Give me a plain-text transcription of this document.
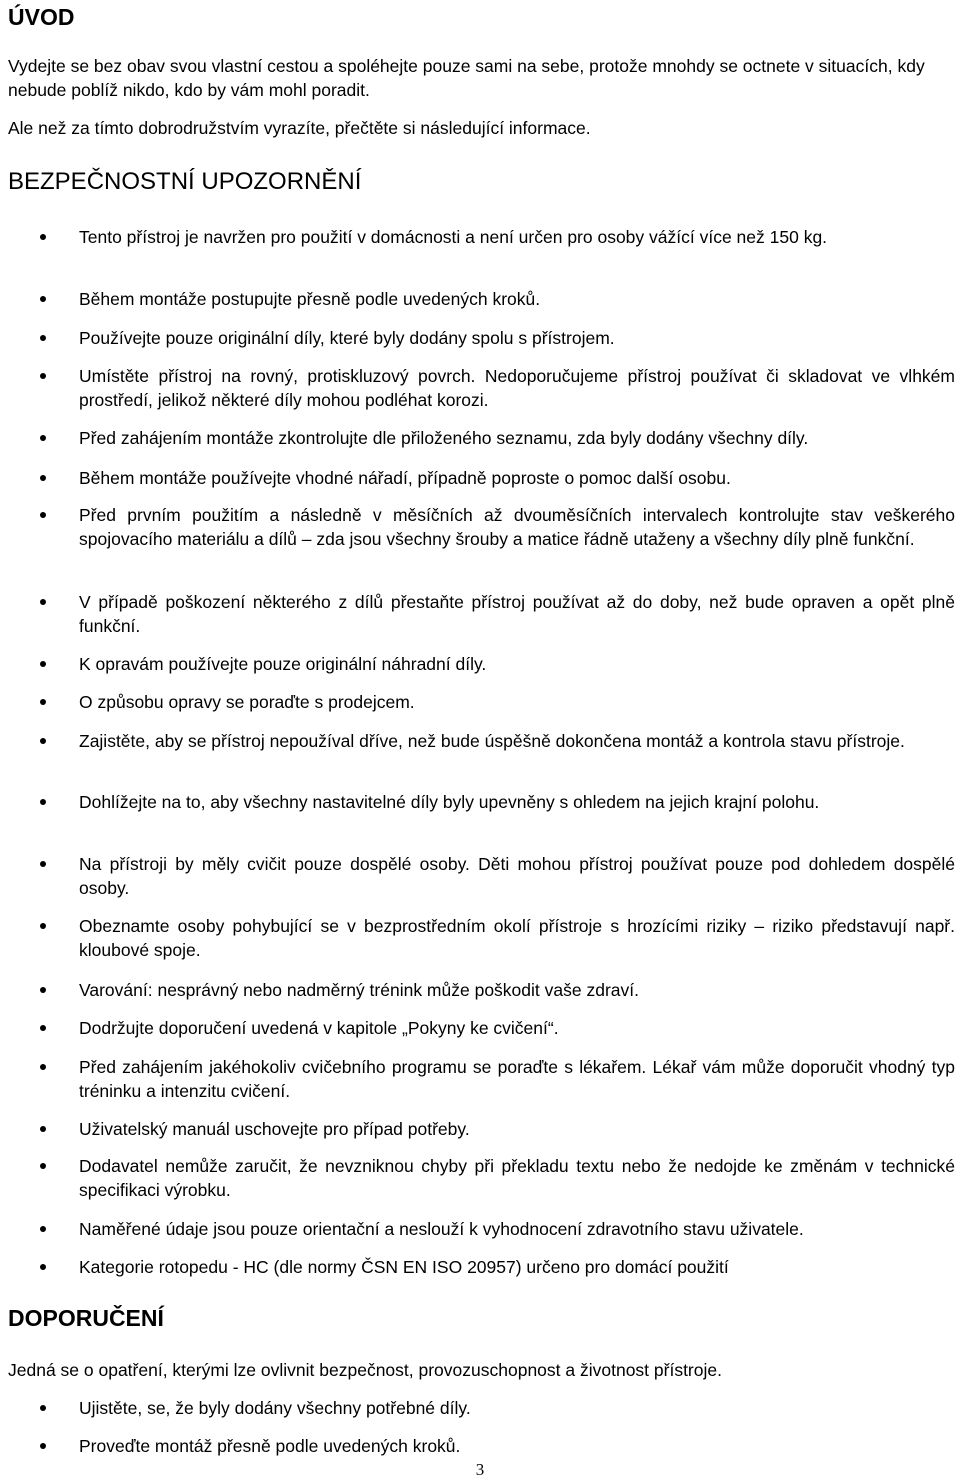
ÚVOD

Vydejte se bez obav svou vlastní cestou a spoléhejte pouze sami na sebe, protože mnohdy se octnete v situacích, kdy nebude poblíž nikdo, kdo by vám mohl poradit.

Ale než za tímto dobrodružstvím vyrazíte, přečtěte si následující informace.

BEZPEČNOSTNÍ UPOZORNĚNÍ
Tento přístroj je navržen pro použití v domácnosti a není určen pro osoby vážící více než 150 kg.
Během montáže postupujte přesně podle uvedených kroků.
Používejte pouze originální díly, které byly dodány spolu s přístrojem.
Umístěte přístroj na rovný, protiskluzový povrch. Nedoporučujeme přístroj používat či skladovat ve vlhkém prostředí, jelikož některé díly mohou podléhat korozi.
Před zahájením montáže zkontrolujte dle přiloženého seznamu, zda byly dodány všechny díly.
Během montáže používejte vhodné nářadí, případně poproste o pomoc další osobu.
Před prvním použitím a následně v měsíčních až dvouměsíčních intervalech kontrolujte stav veškerého spojovacího materiálu a dílů – zda jsou všechny šrouby a matice řádně utaženy a všechny díly plně funkční.
V případě poškození některého z dílů přestaňte přístroj používat až do doby, než bude opraven a opět plně funkční.
K opravám používejte pouze originální náhradní díly.
O způsobu opravy se poraďte s prodejcem.
Zajistěte, aby se přístroj nepoužíval dříve, než bude úspěšně dokončena montáž a kontrola stavu přístroje.
Dohlížejte na to, aby všechny nastavitelné díly byly upevněny s ohledem na jejich krajní polohu.
Na přístroji by měly cvičit pouze dospělé osoby. Děti mohou přístroj používat pouze pod dohledem dospělé osoby.
Obeznamte osoby pohybující se v bezprostředním okolí přístroje s hrozícími riziky – riziko představují např. kloubové spoje.
Varování: nesprávný nebo nadměrný trénink může poškodit vaše zdraví.
Dodržujte doporučení uvedená v kapitole „Pokyny ke cvičení“.
Před zahájením jakéhokoliv cvičebního programu se poraďte s lékařem. Lékař vám může doporučit vhodný typ tréninku a intenzitu cvičení.
Uživatelský manuál uschovejte pro případ potřeby.
Dodavatel nemůže zaručit, že nevzniknou chyby při překladu textu nebo že nedojde ke změnám v technické specifikaci výrobku.
Naměřené údaje jsou pouze orientační a neslouží k vyhodnocení zdravotního stavu uživatele.
Kategorie rotopedu - HC (dle normy ČSN EN ISO 20957) určeno pro domácí použití
DOPORUČENÍ

Jedná se o opatření, kterými lze ovlivnit bezpečnost, provozuschopnost a životnost přístroje.

Ujistěte, se, že byly dodány všechny potřebné díly.
Proveďte montáž přesně podle uvedených kroků.
3
